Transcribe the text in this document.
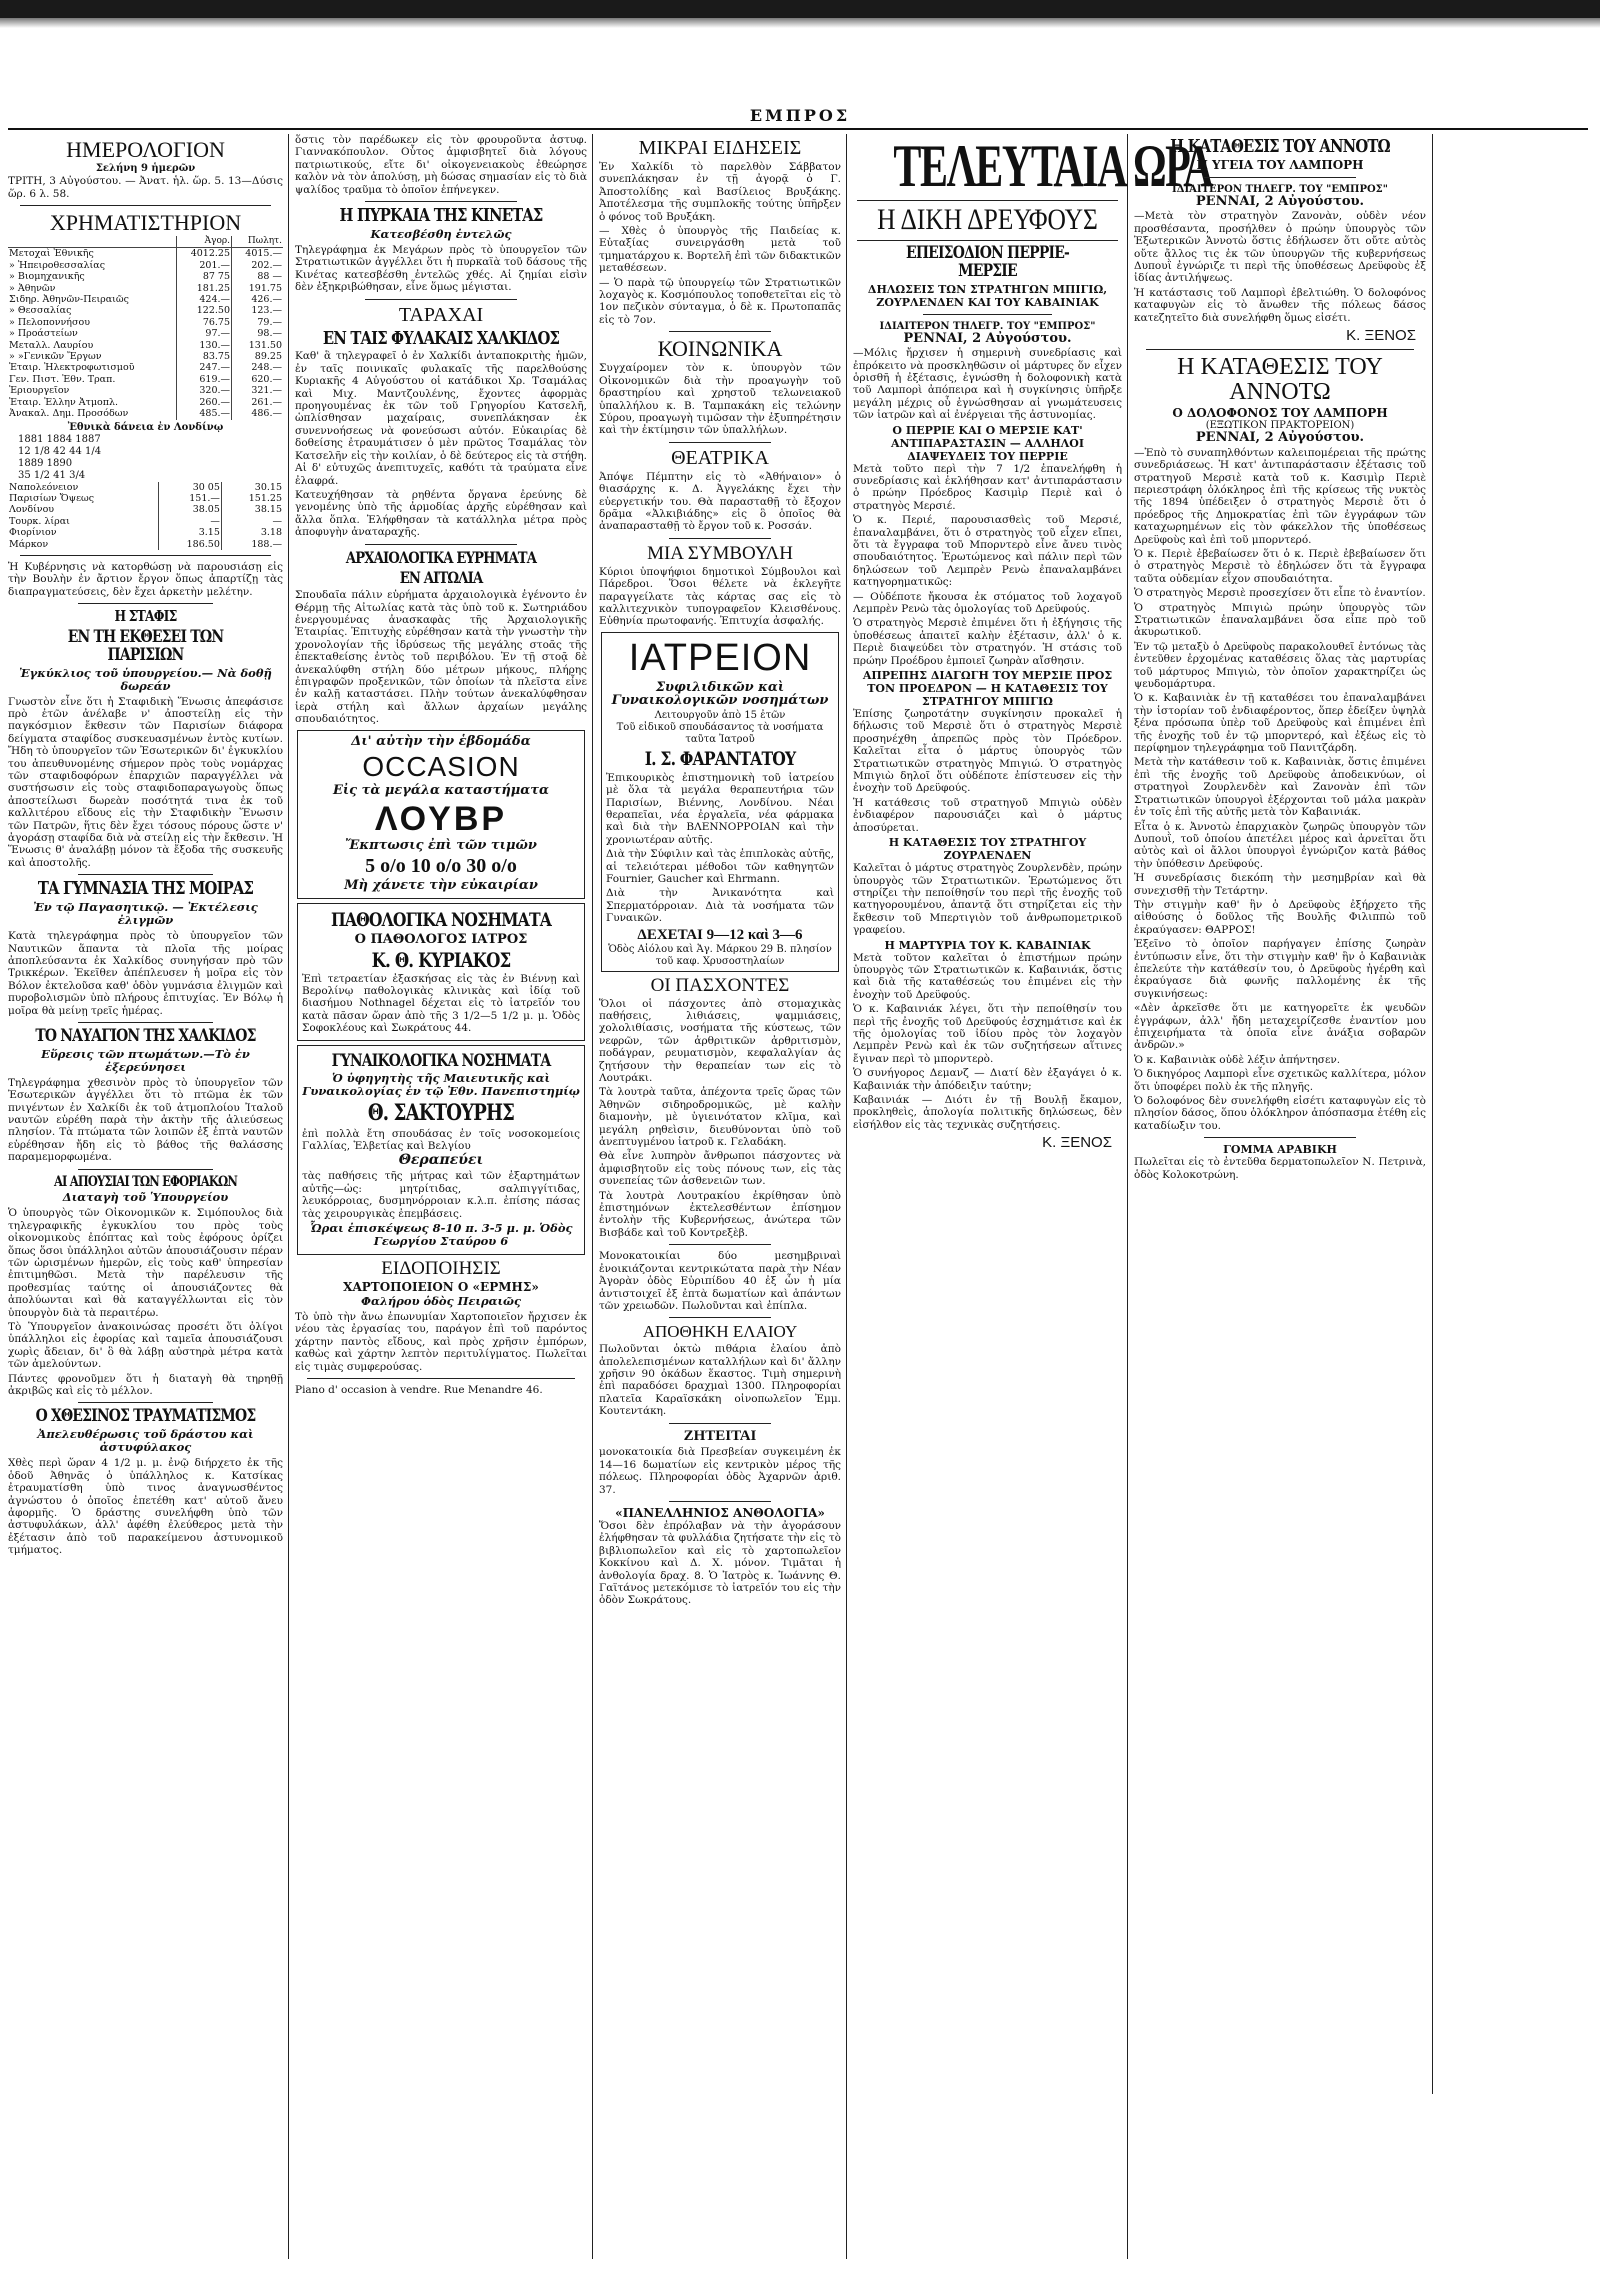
ΕΜΠΡΟΣ
ΗΜΕΡΟΛΟΓΙΟΝ
Σελήνη 9 ἡμερῶν

ΤΡΙΤΗ, 3 Αὐγούστου. — Ἀνατ. ἡλ. ὥρ. 5. 13—Δύσις ὥρ. 6 λ. 58.

ΧΡΗΜΑΤΙΣΤΗΡΙΟΝ
	Ἀγορ.	Πωλητ.
Μετοχαὶ Ἐθνικῆς	4012.25	4015.—
» Ἠπειροθεσσαλίας	201.—	202.—
» Βιομηχανικῆς	87 75	88 —
» Ἀθηνῶν	181.25	191.75
Σιδηρ. Ἀθηνῶν-Πειραιῶς	424.—	426.—
» Θεσσαλίας	122.50	123.—
» Πελοποννήσου	76.75	79.—
» Προάστείων	97.—	98.—
Μεταλλ. Λαυρίου	130.—	131.50
» »Γενικῶν Ἔργων	83.75	89.25
Ἑταιρ. Ἠλεκτροφωτισμοῦ	247.—	248.—
Γεν. Πιστ. Ἐθν. Τραπ.	619.—	620.—
Ἐριουργεῖον	320.—	321.—
Ἐταιρ. Ἐλλην Ἀτμοπλ.	260.—	261.—
Ἀνακαλ. Δημ. Προσόδων	485.—	486.—
Ἐθνικὰ δάνεια ἐν Λονδίνῳ
1881 1884 1887
12 1/8 42 44 1/4
1889 1890
35 1/2 41 3/4
Ναπολεόνειον	30 05	30.15
Παρισίων Ὄψεως	151.—	151.25
Λονδίνου	38.05	38.15
Τουρκ. λίραι	—	—
Φιορίνιον	3.15	3.18
Μάρκον	186.50	188.—

Ἡ Κυβέρνησις νὰ κατορθώσῃ νὰ παρουσιάσῃ εἰς τὴν Βουλὴν ἐν ἄρτιον ἔργον ὅπως ἀπαρτίζῃ τὰς διαπραγματεύσεις, δὲν ἔχει ἀρκετὴν μελέτην.

Η ΣΤΑΦΙΣ
ΕΝ ΤΗ ΕΚΘΕΣΕΙ ΤΩΝ ΠΑΡΙΣΙΩΝ
Ἐγκύκλιος τοῦ ὑπουργείου.— Νὰ δοθῇ δωρεάν

Γνωστὸν εἶνε ὅτι ἡ Σταφιδικὴ Ἕνωσις ἀπεφάσισε πρὸ ἐτῶν ἀνέλαβε ν' ἀποστείλῃ εἰς τὴν παγκόσμιον ἔκθεσιν τῶν Παρισίων διάφορα δείγματα σταφίδος συσκευασμένων ἐντὸς κυτίων. Ἤδη τὸ ὑπουργεῖον τῶν Ἐσωτερικῶν δι' ἐγκυκλίου του ἀπευθυνομένης σήμερον πρὸς τοὺς νομάρχας τῶν σταφιδοφόρων ἐπαρχιῶν παραγγέλλει νὰ συστήσωσιν εἰς τοὺς σταφιδοπαραγωγοὺς ὅπως ἀποστείλωσι δωρεὰν ποσότητά τινα ἐκ τοῦ καλλιτέρου εἴδους εἰς τὴν Σταφιδικὴν Ἕνωσιν τῶν Πατρῶν, ἥτις δὲν ἔχει τόσους πόρους ὥστε ν' ἀγοράσῃ σταφίδα διὰ νὰ στείλῃ εἰς τὴν ἔκθεσιν. Ἡ Ἕνωσις θ' ἀναλάβῃ μόνον τὰ ἔξοδα τῆς συσκευῆς καὶ ἀποστολῆς.

ΤΑ ΓΥΜΝΑΣΙΑ ΤΗΣ ΜΟΙΡΑΣ
Ἐν τῷ Παγασητικῷ. — Ἐκτέλεσις ἐλιγμῶν

Κατὰ τηλεγράφημα πρὸς τὸ ὑπουργεῖον τῶν Ναυτικῶν ἅπαντα τὰ πλοῖα τῆς μοίρας ἀποπλεύσαντα ἐκ Χαλκίδος συνηγήσαν πρὸ τῶν Τρικκέρων. Ἐκεῖθεν ἀπέπλευσεν ἡ μοῖρα εἰς τὸν Βόλον ἐκτελοῦσα καθ' ὁδὸν γυμνάσια ἐλιγμῶν καὶ πυροβολισμῶν ὑπὸ πλήρους ἐπιτυχίας. Ἐν Βόλῳ ἡ μοῖρα θὰ μείνῃ τρεῖς ἡμέρας.

ΤΟ ΝΑΥΑΓΙΟΝ ΤΗΣ ΧΑΛΚΙΔΟΣ
Εὕρεσις τῶν πτωμάτων.—Τὸ ἐν ἐξερεύνησει

Τηλεγράφημα χθεσινὸν πρὸς τὸ ὑπουργεῖον τῶν Ἐσωτερικῶν ἀγγέλλει ὅτι τὸ πτῶμα ἐκ τῶν πνιγέντων ἐν Χαλκίδι ἐκ τοῦ ἀτμοπλοίου Ἰταλοῦ ναυτῶν εὑρέθη παρὰ τὴν ἀκτὴν τῆς ἀλιεύσεως πλησίον. Τὰ πτώματα τῶν λοιπῶν ἐξ ἐπτὰ ναυτῶν εὑρέθησαν ἤδη εἰς τὸ βάθος τῆς θαλάσσης παραμεμορφωμένα.

ΑΙ ΑΠΟΥΣΙΑΙ ΤΩΝ ΕΦΟΡΙΑΚΩΝ
Διαταγὴ τοῦ Ὑπουργείου

Ὁ ὑπουργὸς τῶν Οἰκονομικῶν κ. Σιμόπουλος διὰ τηλεγραφικῆς ἐγκυκλίου του πρὸς τοὺς οἰκονομικοὺς ἐπόπτας καὶ τοὺς ἐφόρους ὁρίζει ὅπως ὅσοι ὑπάλληλοι αὐτῶν ἀπουσιάζουσιν πέραν τῶν ὡρισμένων ἡμερῶν, εἰς τοὺς καθ' ὑπηρεσίαν ἐπιτιμηθῶσι. Μετὰ τὴν παρέλευσιν τῆς προθεσμίας ταύτης οἱ ἀπουσιάζοντες θὰ ἀπολύωνται καὶ θὰ καταγγέλλωνται εἰς τὸν ὑπουργὸν διὰ τὰ περαιτέρω.

Τὸ Ὑπουργεῖον ἀνακοινώσας προσέτι ὅτι ὀλίγοι ὑπάλληλοι εἰς ἐφορίας καὶ ταμεῖα ἀπουσιάζουσι χωρὶς ἄδειαν, δι' ὃ θὰ λάβῃ αὐστηρὰ μέτρα κατὰ τῶν ἀμελούντων.

Πάντες φρονοῦμεν ὅτι ἡ διαταγὴ θὰ τηρηθῇ ἀκριβῶς καὶ εἰς τὸ μέλλον.

Ο ΧΘΕΣΙΝΟΣ ΤΡΑΥΜΑΤΙΣΜΟΣ
Ἀπελευθέρωσις τοῦ δράστου καὶ ἀστυφύλακος

Χθὲς περὶ ὥραν 4 1/2 μ. μ. ἐνῷ διήρχετο ἐκ τῆς ὁδοῦ Ἀθηνᾶς ὁ ὑπάλληλος κ. Κατσίκας ἐτραυματίσθη ὑπὸ τινος ἀναγνωσθέντος ἀγνώστου ὁ ὁποῖος ἐπετέθη κατ' αὐτοῦ ἄνευ ἀφορμῆς. Ὁ δράστης συνελήφθη ὑπὸ τῶν ἀστυφυλάκων, ἀλλ' ἀφέθη ἐλεύθερος μετὰ τὴν ἐξέτασιν ἀπὸ τοῦ παρακείμενου ἀστυνομικοῦ τμήματος.

ὅστις τὸν παρέδωκεν εἰς τὸν φρουροῦντα ἀστυφ. Γιαννακόπουλον. Οὗτος ἀμφισβητεῖ διὰ λόγους πατριωτικούς, εἴτε δι' οἰκογενειακοὺς ἐθεώρησε καλὸν νὰ τὸν ἀπολύσῃ, μὴ δώσας σημασίαν εἰς τὸ διὰ ψαλίδος τραῦμα τὸ ὁποῖον ἐπήνεγκεν.

Η ΠΥΡΚΑΙΑ ΤΗΣ ΚΙΝΕΤΑΣ
Κατεσβέσθη ἐντελῶς

Τηλεγράφημα ἐκ Μεγάρων πρὸς τὸ ὑπουργεῖον τῶν Στρατιωτικῶν ἀγγέλλει ὅτι ἡ πυρκαϊὰ τοῦ δάσους τῆς Κινέτας κατεσβέσθη ἐντελῶς χθές. Αἱ ζημίαι εἰσὶν δὲν ἐξηκριβώθησαν, εἶνε ὅμως μέγισται.

ΤΑΡΑΧΑΙ
ΕΝ ΤΑΙΣ ΦΥΛΑΚΑΙΣ ΧΑΛΚΙΔΟΣ

Καθ' ἃ τηλεγραφεῖ ὁ ἐν Χαλκίδι ἀνταποκριτὴς ἡμῶν, ἐν ταῖς ποινικαῖς φυλακαῖς τῆς παρελθούσης Κυριακῆς 4 Αὐγούστου οἱ κατάδικοι Χρ. Τσαμάλας καὶ Μιχ. Μαντζουλένης, ἔχοντες ἀφορμὰς προηγουμένας ἐκ τῶν τοῦ Γρηγορίου Κατσελῆ, ὡπλίσθησαν μαχαίραις, συνεπλάκησαν ἐκ συνεννοήσεως νὰ φονεύσωσι αὐτόν. Εὐκαιρίας δὲ δοθείσης ἐτραυμάτισεν ὁ μὲν πρῶτος Τσαμάλας τὸν Κατσελῆν εἰς τὴν κοιλίαν, ὁ δὲ δεύτερος εἰς τὰ στήθη. Αἱ δ' εὐτυχῶς ἀνεπιτυχεῖς, καθότι τὰ τραύματα εἶνε ἐλαφρά.

Κατευχήθησαν τὰ ρηθέντα ὄργανα ἐρεύνης δὲ γενομένης ὑπὸ τῆς ἀρμοδίας ἀρχῆς εὑρέθησαν καὶ ἄλλα ὅπλα. Ἐλήφθησαν τὰ κατάλληλα μέτρα πρὸς ἀποφυγὴν ἀναταραχῆς.

ΑΡΧΑΙΟΛΟΓΙΚΑ ΕΥΡΗΜΑΤΑ
ΕΝ ΑΙΤΩΛΙΑ

Σπουδαῖα πάλιν εὑρήματα ἀρχαιολογικὰ ἐγένοντο ἐν Θέρμῃ τῆς Αἰτωλίας κατὰ τὰς ὑπὸ τοῦ κ. Σωτηριάδου ἐνεργουμένας ἀνασκαφὰς τῆς Ἀρχαιολογικῆς Ἑταιρίας. Ἐπιτυχὴς εὑρέθησαν κατὰ τὴν γνωστὴν τὴν χρονολογίαν τῆς ἱδρύσεως τῆς μεγάλης στοᾶς τῆς ἐπεκταθείσης ἐντὸς τοῦ περιβόλου. Ἐν τῇ στοᾷ δὲ ἀνεκαλύφθη στήλη δύο μέτρων μήκους, πλήρης ἐπιγραφῶν προξενικῶν, τῶν ὁποίων τὰ πλεῖστα εἶνε ἐν καλῇ καταστάσει. Πλὴν τούτων ἀνεκαλύφθησαν ἱερὰ στήλη καὶ ἄλλων ἀρχαίων μεγάλης σπουδαιότητος.

Δι' αὐτὴν τὴν ἑβδομάδα
OCCASION
Εἰς τὰ μεγάλα καταστήματα
ΛΟΥΒΡ
Ἔκπτωσις ἐπὶ τῶν τιμῶν
5 ο/ο 10 ο/ο 30 ο/ο
Μὴ χάνετε τὴν εὐκαιρίαν
ΠΑΘΟΛΟΓΙΚΑ ΝΟΣΗΜΑΤΑ
Ο ΠΑΘΟΛΟΓΟΣ ΙΑΤΡΟΣ
Κ. Θ. ΚΥΡΙΑΚΟΣ

Ἐπὶ τετραετίαν ἐξασκήσας εἰς τὰς ἐν Βιέννῃ καὶ Βερολίνῳ παθολογικὰς κλινικὰς καὶ ἰδίᾳ τοῦ διασήμου Nothnagel δέχεται εἰς τὸ ἰατρεῖόν του κατὰ πᾶσαν ὥραν ἀπὸ τῆς 3 1/2—5 1/2 μ. μ. Ὁδὸς Σοφοκλέους καὶ Σωκράτους 44.

ΓΥΝΑΙΚΟΛΟΓΙΚΑ ΝΟΣΗΜΑΤΑ
Ὁ ὑφηγητὴς τῆς Μαιευτικῆς καὶ Γυναικολογίας ἐν τῷ Ἐθν. Πανεπιστημίῳ
Θ. ΣΑΚΤΟΥΡΗΣ

ἐπὶ πολλὰ ἔτη σπουδάσας ἐν τοῖς νοσοκομείοις Γαλλίας, Ἑλβετίας καὶ Βελγίου

Θεραπεύει

τὰς παθήσεις τῆς μήτρας καὶ τῶν ἐξαρτημάτων αὐτῆς—ὡς: μητρίτιδας, σαλπιγγίτιδας, λευκόρροιας, δυσμηνόρροιαν κ.λ.π. ἐπίσης πάσας τὰς χειρουργικὰς ἐπεμβάσεις.

Ὧραι ἐπισκέψεως 8-10 π. 3-5 μ. μ. Ὁδὸς Γεωργίου Σταύρου 6
ΕΙΔΟΠΟΙΗΣΙΣ
ΧΑΡΤΟΠΟΙΕΙΟΝ Ο «ΕΡΜΗΣ»
Φαλήρου ὁδὸς Πειραιῶς

Τὸ ὑπὸ τὴν ἄνω ἐπωνυμίαν Χαρτοποιεῖον ἤρχισεν ἐκ νέου τὰς ἐργασίας του, παράγον ἐπὶ τοῦ παρόντος χάρτην παντὸς εἴδους, καὶ πρὸς χρῆσιν ἐμπόρων, καθὼς καὶ χάρτην λεπτὸν περιτυλίγματος. Πωλεῖται εἰς τιμὰς συμφερούσας.

Piano d' occasion à vendre. Rue Menandre 46.

ΜΙΚΡΑΙ ΕΙΔΗΣΕΙΣ

Ἐν Χαλκίδι τὸ παρελθὸν Σάββατον συνεπλάκησαν ἐν τῇ ἀγορᾷ ὁ Γ. Ἀποστολίδης καὶ Βασίλειος Βρυξάκης. Ἀποτέλεσμα τῆς συμπλοκῆς τούτης ὑπῆρξεν ὁ φόνος τοῦ Βρυξάκη.

— Χθὲς ὁ ὑπουργὸς τῆς Παιδείας κ. Εὐταξίας συνειργάσθη μετὰ τοῦ τμηματάρχου κ. Βορτελῆ ἐπὶ τῶν διδακτικῶν μεταθέσεων.

— Ὁ παρὰ τῷ ὑπουργείῳ τῶν Στρατιωτικῶν λοχαγὸς κ. Κοσμόπουλος τοποθετεῖται εἰς τὸ 1ον πεζικὸν σύνταγμα, ὁ δὲ κ. Πρωτοπαπᾶς εἰς τὸ 7ον.

ΚΟΙΝΩΝΙΚΑ

Συγχαίρομεν τὸν κ. ὑπουργὸν τῶν Οἰκονομικῶν διὰ τὴν προαγωγὴν τοῦ δραστηρίου καὶ χρηστοῦ τελωνειακοῦ ὑπαλλήλου κ. Β. Ταμπακάκη εἰς τελώνην Σύρου, προαγωγὴ τιμῶσαν τὴν ἐξυπηρέτησιν καὶ τὴν ἐκτίμησιν τῶν ὑπαλλήλων.

ΘΕΑΤΡΙΚΑ

Ἀπόψε Πέμπτην εἰς τὸ «Ἀθήναιον» ὁ θιασάρχης κ. Δ. Ἀγγελάκης ἔχει τὴν εὐεργετικήν του. Θὰ παρασταθῇ τὸ ἔξοχον δρᾶμα «Ἀλκιβιάδης» εἰς ὃ ὁποῖος θὰ ἀναπαρασταθῇ τὸ ἔργον τοῦ κ. Ροσσάν.

ΜΙΑ ΣΥΜΒΟΥΛΗ

Κύριοι ὑποψήφιοι δημοτικοὶ Σύμβουλοι καὶ Πάρεδροι. Ὅσοι θέλετε νὰ ἐκλεγῆτε παραγγείλατε τὰς κάρτας σας εἰς τὸ καλλιτεχνικὸν τυπογραφεῖον Κλεισθένους. Εὐθηνία πρωτοφανής. Ἐπιτυχία ἀσφαλής.

ΙΑΤΡΕΙΟΝ
Συφιλιδικῶν καὶ Γυναικολογικῶν νοσημάτων
Λειτουργοῦν ἀπὸ 15 ἐτῶν
Τοῦ εἰδικοῦ σπουδάσαντος τὰ νοσήματα ταῦτα Ἰατροῦ
Ι. Σ. ΦΑΡΑΝΤΑΤΟΥ

Ἐπικουρικὸς ἐπιστημονικὴ τοῦ ἰατρείου μὲ ὅλα τὰ μεγάλα θεραπευτήρια τῶν Παρισίων, Βιέννης, Λονδίνου. Νέαι θεραπεῖαι, νέα ἐργαλεῖα, νέα φάρμακα καὶ διὰ τὴν ΒΛΕΝΝΟΡΡΟΙΑΝ καὶ τὴν χρονιωτέραν αὐτῆς.

Διὰ τὴν Σύφιλιν καὶ τὰς ἐπιπλοκὰς αὐτῆς, αἱ τελειότεραι μέθοδοι τῶν καθηγητῶν Fournier, Gaucher καὶ Ehrmann.

Διὰ τὴν Ἀνικανότητα καὶ Σπερματόρροιαν. Διὰ τὰ νοσήματα τῶν Γυναικῶν.

ΔΕΧΕΤΑΙ 9—12 καὶ 3—6
Ὁδὸς Αἰόλου καὶ Ἁγ. Μάρκου 29 Β. πλησίον τοῦ καφ. Χρυσοστηλαίων
ΟΙ ΠΑΣΧΟΝΤΕΣ

Ὅλοι οἱ πάσχοντες ἀπὸ στομαχικὰς παθήσεις, λιθιάσεις, ψαμμιάσεις, χολολιθίασις, νοσήματα τῆς κύστεως, τῶν νεφρῶν, τῶν ἀρθριτικῶν ἀρθριτισμὸν, ποδάγραν, ρευματισμὸν, κεφαλαλγίαν ἀς ζητήσουν τὴν θεραπείαν των εἰς τὸ Λουτράκι.

Τὰ λουτρὰ ταῦτα, ἀπέχοντα τρεῖς ὥρας τῶν Ἀθηνῶν σιδηροδρομικῶς, μὲ καλὴν διαμονὴν, μὲ ὑγιεινότατον κλῖμα, καὶ μεγάλη ρηθεὶσιν, διευθύνονται ὑπὸ τοῦ ἀνεπτυγμένου ἰατροῦ κ. Γελαδάκη.

Θὰ εἶνε λυπηρὸν ἄνθρωποι πάσχοντες νὰ ἀμφισβητοῦν εἰς τοὺς πόνους των, εἰς τὰς συνεπείας τῶν ἀσθενειῶν των.

Τὰ λουτρὰ Λουτρακίου ἐκρίθησαν ὑπὸ ἐπιστημόνων ἐκτελεσθέντων ἐπίσημον ἐντολὴν τῆς Κυβερνήσεως, ἀνώτερα τῶν Βισβάδε καὶ τοῦ Κοντρεξὲβ.

Μονοκατοικίαι δύο μεσημβριναὶ ἐνοικιάζονται κεντρικώτατα παρὰ τὴν Νέαν Ἀγορὰν ὁδὸς Εὐριπίδου 40 ἐξ ὧν ἡ μία ἀντιστοιχεῖ ἐξ ἐπτὰ δωματίων καὶ ἁπάντων τῶν χρειωδῶν. Πωλοῦνται καὶ ἐπίπλα.

ΑΠΟΘΗΚΗ ΕΛΑΙΟΥ

Πωλοῦνται ὀκτὼ πιθάρια ἐλαίου ἀπὸ ἀπολελεπισμένων καταλλήλων καὶ δι' ἄλλην χρῆσιν 90 ὀκάδων ἕκαστος. Τιμὴ σημερινὴ ἐπὶ παραδόσει δραχμαὶ 1300. Πληροφορίαι πλατεῖα Καραϊσκάκη οἰνοπωλεῖον Ἐμμ. Κουτεντάκη.

ΖΗΤΕΙΤΑΙ

μονοκατοικία διὰ Πρεσβείαν συγκειμένη ἐκ 14—16 δωματίων εἰς κεντρικὸν μέρος τῆς πόλεως. Πληροφορίαι ὁδὸς Ἀχαρνῶν ἀριθ. 37.

«ΠΑΝΕΛΛΗΝΙΟΣ ΑΝΘΟΛΟΓΙΑ»

Ὅσοι δὲν ἐπρόλαβαν νὰ τὴν ἀγοράσουν ἐλήφθησαν τὰ φυλλάδια ζητήσατε τὴν εἰς τὸ βιβλιοπωλεῖον καὶ εἰς τὸ χαρτοπωλεῖον Κοκκίνου καὶ Δ. Χ. μόνον. Τιμᾶται ἡ ἀνθολογία δραχ. 8. Ὁ Ἰατρὸς κ. Ἰωάννης Θ. Γαϊτάνος μετεκόμισε τὸ ἰατρεῖόν του εἰς τὴν ὁδὸν Σωκράτους.

ΤΕΛΕΥΤΑΙΑ ΩΡΑ
Η ΔΙΚΗ ΔΡΕΥΦΟΥΣ
ΕΠΕΙΣΟΔΙΟΝ ΠΕΡΡΙΕ-ΜΕΡΣΙΕ
ΔΗΛΩΣΕΙΣ ΤΩΝ ΣΤΡΑΤΗΓΩΝ ΜΠΙΓΙΩ, ΖΟΥΡΛΕΝΔΕΝ ΚΑΙ ΤΟΥ ΚΑΒΑΙΝΙΑΚ
ΙΔΙΑΙΤΕΡΟΝ ΤΗΛΕΓΡ. ΤΟΥ "ΕΜΠΡΟΣ"

ΡΕΝΝΑΙ, 2 Αὐγούστου.

—Μόλις ἤρχισεν ἡ σημερινὴ συνεδρίασις καὶ ἐπρόκειτο νὰ προσκληθῶσιν οἱ μάρτυρες ὅν εἶχεν ὁρισθῆ ἡ ἐξέτασις, ἐγνώσθη ἡ δολοφονικὴ κατὰ τοῦ Λαμπορὶ ἀπόπειρα καὶ ἡ συγκίνησις ὑπῆρξε μεγάλη μέχρις οὗ ἐγνώσθησαν αἱ γνωμάτευσεις τῶν ἰατρῶν καὶ αἱ ἐνέργειαι τῆς ἀστυνομίας.

Ο ΠΕΡΡΙΕ ΚΑΙ Ο ΜΕΡΣΙΕ ΚΑΤ' ΑΝΤΙΠΑΡΑΣΤΑΣΙΝ — ΑΛΛΗΛΟΙ ΔΙΑΨΕΥΔΕΙΣ ΤΟΥ ΠΕΡΡΙΕ

Μετὰ τοῦτο περὶ τὴν 7 1/2 ἐπανελήφθη ἡ συνεδρίασις καὶ ἐκλήθησαν κατ' ἀντιπαράστασιν ὁ πρώην Πρόεδρος Κασιμὶρ Περιὲ καὶ ὁ στρατηγὸς Μερσιέ.

Ὁ κ. Περιέ, παρουσιασθεὶς τοῦ Μερσιέ, ἐπαναλαμβάνει, ὅτι ὁ στρατηγὸς τοῦ εἶχεν εἴπει, ὅτι τὰ ἔγγραφα τοῦ Μπορντερὸ εἶνε ἄνευ τινὸς σπουδαιότητος. Ἐρωτώμενος καὶ πάλιν περὶ τῶν δηλώσεων τοῦ Λεμπρὲν Ρενὼ ἐπαναλαμβάνει κατηγορηματικῶς:

— Οὐδέποτε ἤκουσα ἐκ στόματος τοῦ λοχαγοῦ Λεμπρὲν Ρενὼ τὰς ὁμολογίας τοῦ Δρεϋφούς.

Ὁ στρατηγὸς Μερσιὲ ἐπιμένει ὅτι ἡ ἐξήγησις τῆς ὑποθέσεως ἀπαιτεῖ καλὴν ἐξέτασιν, ἀλλ' ὁ κ. Περιὲ διαψεύδει τὸν στρατηγόν. Ἡ στάσις τοῦ πρώην Προέδρου ἐμποιεῖ ζωηρὰν αἴσθησιν.

ΑΠΡΕΠΗΣ ΔΙΑΓΩΓΗ ΤΟΥ ΜΕΡΣΙΕ ΠΡΟΣ ΤΟΝ ΠΡΟΕΔΡΟΝ — Η ΚΑΤΑΘΕΣΙΣ ΤΟΥ ΣΤΡΑΤΗΓΟΥ ΜΠΙΓΙΩ

Ἐπίσης ζωηροτάτην συγκίνησιν προκαλεῖ ἡ δήλωσις τοῦ Μερσιὲ ὅτι ὁ στρατηγὸς Μερσιὲ προσηνέχθη ἀπρεπῶς πρὸς τὸν Πρόεδρον. Καλεῖται εἶτα ὁ μάρτυς ὑπουργὸς τῶν Στρατιωτικῶν στρατηγὸς Μπιγιώ. Ὁ στρατηγὸς Μπιγιὼ δηλοῖ ὅτι οὐδέποτε ἐπίστευσεν εἰς τὴν ἐνοχὴν τοῦ Δρεϋφούς.

Ἡ κατάθεσις τοῦ στρατηγοῦ Μπιγιὼ οὐδὲν ἐνδιαφέρον παρουσιάζει καὶ ὁ μάρτυς ἀποσύρεται.

Η ΚΑΤΑΘΕΣΙΣ ΤΟΥ ΣΤΡΑΤΗΓΟΥ ΖΟΥΡΛΕΝΔΕΝ

Καλεῖται ὁ μάρτυς στρατηγὸς Ζουρλενδὲν, πρώην ὑπουργὸς τῶν Στρατιωτικῶν. Ἐρωτώμενος ὅτι στηρίζει τὴν πεποίθησίν του περὶ τῆς ἐνοχῆς τοῦ κατηγορουμένου, ἀπαντᾷ ὅτι στηρίζεται εἰς τὴν ἔκθεσιν τοῦ Μπερτιγιὸν τοῦ ἀνθρωπομετρικοῦ γραφείου.

Η ΜΑΡΤΥΡΙΑ ΤΟΥ Κ. ΚΑΒΑΙΝΙΑΚ

Μετὰ τοῦτον καλεῖται ὁ ἐπιστήμων πρώην ὑπουργὸς τῶν Στρατιωτικῶν κ. Καβαινιάκ, ὅστις καὶ διὰ τῆς καταθέσεώς του ἐπιμένει εἰς τὴν ἐνοχὴν τοῦ Δρεϋφούς.

Ὁ κ. Καβαινιάκ λέγει, ὅτι τὴν πεποίθησίν του περὶ τῆς ἐνοχῆς τοῦ Δρεϋφούς ἐσχημάτισε καὶ ἐκ τῆς ὁμολογίας τοῦ ἰδίου πρὸς τὸν λοχαγὸν Λεμπρὲν Ρενὼ καὶ ἐκ τῶν συζητήσεων αἵτινες ἔγιναν περὶ τὸ μπορντερὸ.

Ὁ συνήγορος Δεμανζ — Διατί δὲν ἐξαγάγει ὁ κ. Καβαινιάκ τὴν ἀπόδειξιν ταύτην;

Καβαινιάκ — Διότι ἐν τῇ Βουλῇ ἔκαμον, προκληθεὶς, ἀπολογία πολιτικῆς δηλώσεως, δὲν εἰσήλθον εἰς τὰς τεχνικὰς συζητήσεις.

Κ. ΞΕΝΟΣ
Η ΚΑΤΑΘΕΣΙΣ ΤΟΥ ΑΝΝΟΤΩ
Η ΥΓΕΙΑ ΤΟΥ ΛΑΜΠΟΡΗ
ΙΔΙΑΙΤΕΡΟΝ ΤΗΛΕΓΡ. ΤΟΥ "ΕΜΠΡΟΣ"

ΡΕΝΝΑΙ, 2 Αὐγούστου.

—Μετὰ τὸν στρατηγὸν Ζανονὰν, οὐδὲν νέον προσθέσαντα, προσήλθεν ὁ πρώην ὑπουργὸς τῶν Ἐξωτερικῶν Ἀννοτὼ ὅστις ἐδήλωσεν ὅτι οὔτε αὐτὸς οὔτε ἄλλος τις ἐκ τῶν ὑπουργῶν τῆς κυβερνήσεως Δυπουῒ ἐγνώριζε τι περὶ τῆς ὑποθέσεως Δρεϋφοὺς ἐξ ἰδίας ἀντιλήψεως.

Ἡ κατάστασις τοῦ Λαμπορὶ ἐβελτιώθη. Ὁ δολοφόνος καταφυγὼν εἰς τὸ ἄνωθεν τῆς πόλεως δάσος κατεζητεῖτο διὰ συνελήφθη ὅμως εἰσέτι.

Κ. ΞΕΝΟΣ
Η ΚΑΤΑΘΕΣΙΣ ΤΟΥ ΑΝΝΟΤΩ
Ο ΔΟΛΟΦΟΝΟΣ ΤΟΥ ΛΑΜΠΟΡΗ
(ΕΞΩΤΙΚΟΝ ΠΡΑΚΤΟΡΕΙΟΝ)

ΡΕΝΝΑΙ, 2 Αὐγούστου.

—Ἐπὸ τὸ συναπηλθόντων καλειπομέρειαι τῆς πρώτης συνεδριάσεως. Ἡ κατ' ἀντιπαράστασιν ἐξέτασις τοῦ στρατηγοῦ Μερσιὲ κατὰ τοῦ κ. Κασιμὶρ Περιὲ περιεστράφη ὁλόκληρος ἐπὶ τῆς κρίσεως τῆς νυκτὸς τῆς 1894 ὑπέδειξεν ὁ στρατηγὸς Μερσιὲ ὅτι ὁ πρόεδρος τῆς Δημοκρατίας ἐπὶ τῶν ἐγγράφων τῶν καταχωρημένων εἰς τὸν φάκελλον τῆς ὑποθέσεως Δρεϋφοὺς καὶ ἐπὶ τοῦ μπορντερό.

Ὁ κ. Περιὲ ἐβεβαίωσεν ὅτι ὁ κ. Περιὲ ἐβεβαίωσεν ὅτι ὁ στρατηγὸς Μερσιὲ τὸ ἐδηλώσεν ὅτι τὰ ἔγγραφα ταῦτα οὐδεμίαν εἶχον σπουδαιότητα.

Ὁ στρατηγὸς Μερσιὲ προσεχίσεν ὅτι εἶπε τὸ ἐναντίον.

Ὁ στρατηγὸς Μπιγιὼ πρώην ὑπουργὸς τῶν Στρατιωτικῶν ἐπαναλαμβάνει ὅσα εἶπε πρὸ τοῦ ἀκυρωτικοῦ.

Ἐν τῷ μεταξὺ ὁ Δρεϋφοὺς παρακολουθεῖ ἐντόνως τὰς ἐντεῦθεν ἐρχομένας καταθέσεις ὅλας τὰς μαρτυρίας τοῦ μάρτυρος Μπιγιὼ, τὸν ὁποῖον χαρακτηρίζει ὡς ψευδομάρτυρα.

Ὁ κ. Καβαινιὰκ ἐν τῇ καταθέσει του ἐπαναλαμβάνει τὴν ἱστορίαν τοῦ ἐνδιαφέροντος, ὅπερ ἐδείξεν ὑψηλὰ ξένα πρόσωπα ὑπὲρ τοῦ Δρεϋφοὺς καὶ ἐπιμένει ἐπὶ τῆς ἐνοχῆς τοῦ ἐν τῷ μπορντερό, καὶ ἐξέως εἰς τὸ περίφημον τηλεγράφημα τοῦ Πανιτζάρδη.

Μετὰ τὴν κατάθεσιν τοῦ κ. Καβαινιὰκ, ὅστις ἐπιμένει ἐπὶ τῆς ἐνοχῆς τοῦ Δρεϋφοὺς ἀποδεικνύων, οἱ στρατηγοὶ Ζουρλενδὲν καὶ Ζανονὰν ἐπὶ τῶν Στρατιωτικῶν ὑπουργοὶ ἐξέρχονται τοῦ μάλα μακρὰν ἐν τοῖς ἐπὶ τῆς αὐτῆς μετὰ τὸν Καβαινιάκ.

Εἶτα ὁ κ. Ἀννοτὼ ἐπαρχιακὸν ζωηρῶς ὑπουργὸν τῶν Δυπουῒ, τοῦ ὁποίου ἀπετέλει μέρος καὶ ἀρνεῖται ὅτι αὐτὸς καὶ οἱ ἄλλοι ὑπουργοὶ ἐγνώριζον κατὰ βάθος τὴν ὑπόθεσιν Δρεϋφούς.

Ἡ συνεδρίασις διεκόπη τὴν μεσημβρίαν καὶ θὰ συνεχισθῇ τὴν Τετάρτην.

Τὴν στιγμὴν καθ' ἣν ὁ Δρεϋφοὺς ἐξήρχετο τῆς αἰθούσης ὁ δοῦλος τῆς Βουλῆς Φιλιππὼ τοῦ ἐκραύγασεν: ΘΑΡΡΟΣ!

Ἐξεῖνο τὸ ὁποῖον παρήγαγεν ἐπίσης ζωηρὰν ἐντύπωσιν εἶνε, ὅτι τὴν στιγμὴν καθ' ἣν ὁ Καβαινιὰκ ἐπελεύτε τὴν κατάθεσίν του, ὁ Δρεϋφοὺς ἠγέρθη καὶ ἐκραύγασε διὰ φωνῆς παλλομένης ἐκ τῆς συγκινήσεως:

«Δὲν ἀρκεῖσθε ὅτι με κατηγορεῖτε ἐκ ψευδῶν ἐγγράφων, ἀλλ' ἤδη μεταχειρίζεσθε ἐναντίον μου ἐπιχειρήματα τὰ ὁποῖα εἶνε ἀνάξια σοβαρῶν ἀνδρῶν.»

Ὁ κ. Καβαινιὰκ οὐδὲ λέξιν ἀπήντησεν.

Ὁ δικηγόρος Λαμπορὶ εἶνε σχετικῶς καλλίτερα, μόλον ὅτι ὑποφέρει πολὺ ἐκ τῆς πληγῆς.

Ὁ δολοφόνος δὲν συνελήφθη εἰσέτι καταφυγὼν εἰς τὸ πλησίον δάσος, ὅπου ὁλόκληρον ἀπόσπασμα ἐτέθη εἰς καταδίωξιν του.

ΓΟΜΜΑ ΑΡΑΒΙΚΗ

Πωλεῖται εἰς τὸ ἐντεῦθα δερματοπωλεῖον Ν. Πετρινὰ, ὁδὸς Κολοκοτρώνη.
